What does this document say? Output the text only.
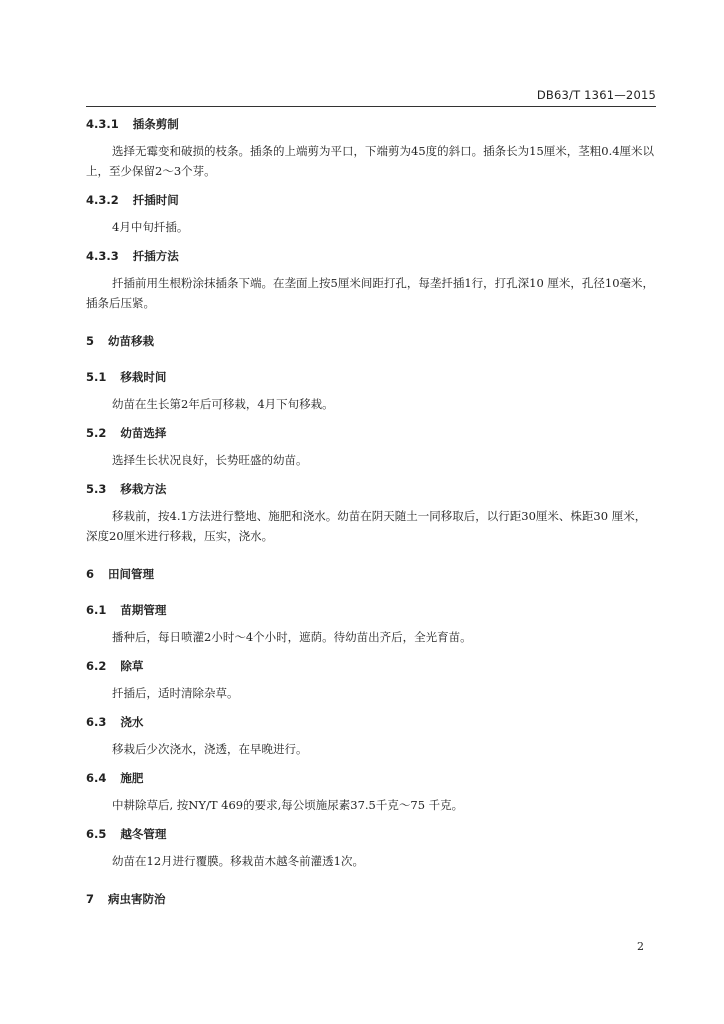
DB63/T 1361—2015
4.3.1 插条剪制
选择无霉变和破损的枝条。插条的上端剪为平口，下端剪为45度的斜口。插条长为15厘米，茎粗0.4厘米以上，至少保留2～3个芽。
4.3.2 扦插时间
4月中旬扦插。
4.3.3 扦插方法
扦插前用生根粉涂抹插条下端。在垄面上按5厘米间距打孔，每垄扦插1行，打孔深10 厘米，孔径10毫米，插条后压紧。
5 幼苗移栽
5.1 移栽时间
幼苗在生长第2年后可移栽，4月下旬移栽。
5.2 幼苗选择
选择生长状况良好，长势旺盛的幼苗。
5.3 移栽方法
移栽前，按4.1方法进行整地、施肥和浇水。幼苗在阴天随土一同移取后，以行距30厘米、株距30 厘米，深度20厘米进行移栽，压实，浇水。
6 田间管理
6.1 苗期管理
播种后，每日喷灌2小时～4个小时，遮荫。待幼苗出齐后，全光育苗。
6.2 除草
扦插后，适时清除杂草。
6.3 浇水
移栽后少次浇水，浇透，在早晚进行。
6.4 施肥
中耕除草后, 按NY/T 469的要求,每公顷施尿素37.5千克～75 千克。
6.5 越冬管理
幼苗在12月进行覆膜。移栽苗木越冬前灌透1次。
7 病虫害防治
2
